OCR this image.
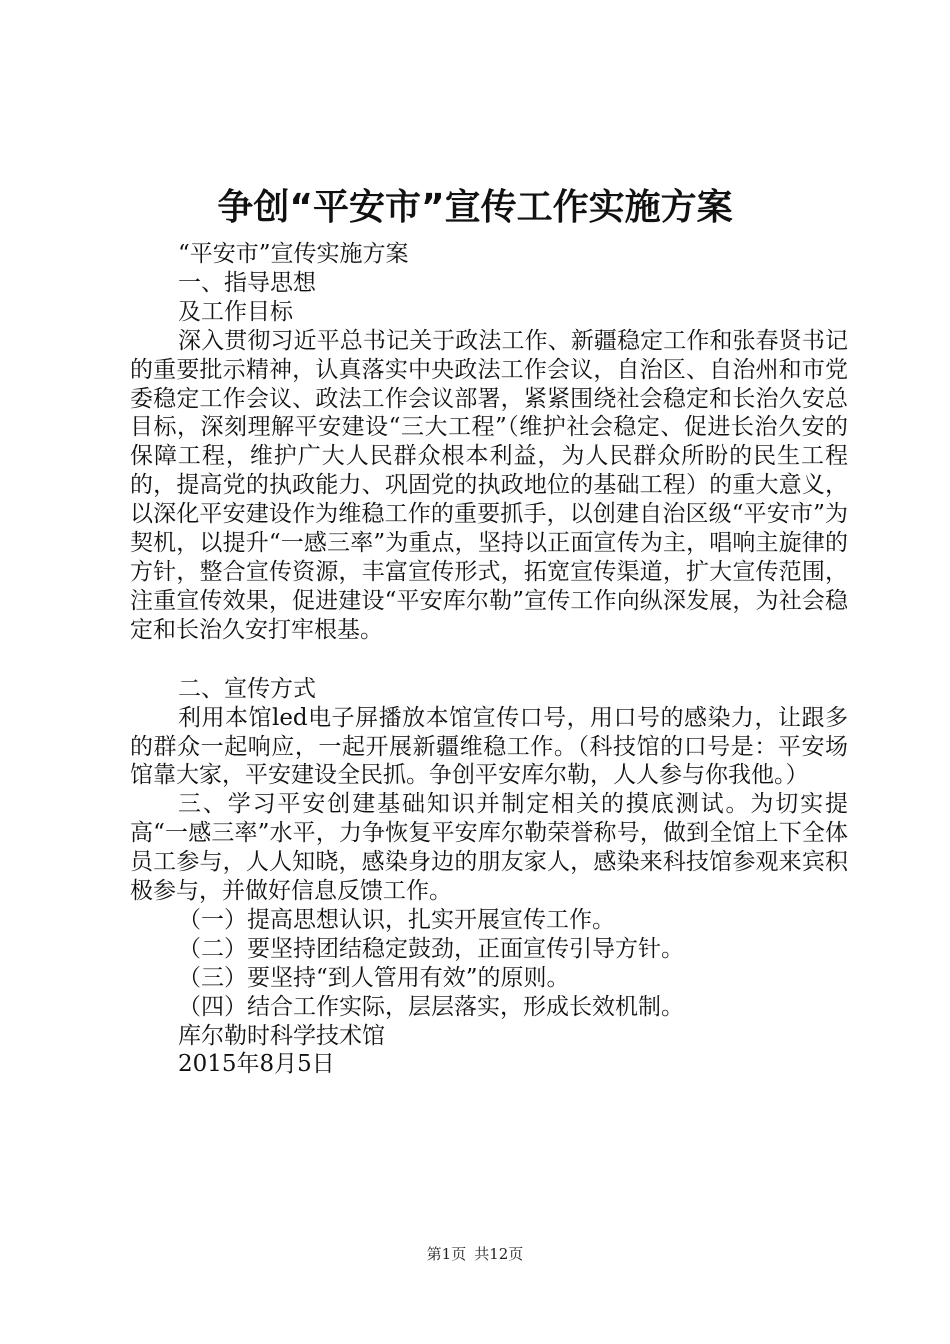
争创“平安市”宣传工作实施方案

“平安市”宣传实施方案

一、指导思想

及工作目标

深入贯彻习近平总书记关于政法工作、新疆稳定工作和张春贤书记的重要批示精神，认真落实中央政法工作会议，自治区、自治州和市党委稳定工作会议、政法工作会议部署，紧紧围绕社会稳定和长治久安总目标，深刻理解平安建设“三大工程”（维护社会稳定、促进长治久安的保障工程，维护广大人民群众根本利益，为人民群众所盼的民生工程的，提高党的执政能力、巩固党的执政地位的基础工程）的重大意义，以深化平安建设作为维稳工作的重要抓手，以创建自治区级“平安市”为契机，以提升“一感三率”为重点，坚持以正面宣传为主，唱响主旋律的方针，整合宣传资源，丰富宣传形式，拓宽宣传渠道，扩大宣传范围，注重宣传效果，促进建设“平安库尔勒”宣传工作向纵深发展，为社会稳定和长治久安打牢根基。

二、宣传方式

利用本馆led电子屏播放本馆宣传口号，用口号的感染力，让跟多的群众一起响应，一起开展新疆维稳工作。（科技馆的口号是：平安场馆靠大家，平安建设全民抓。争创平安库尔勒，人人参与你我他。）

三、学习平安创建基础知识并制定相关的摸底测试。为切实提高“一感三率”水平，力争恢复平安库尔勒荣誉称号，做到全馆上下全体员工参与，人人知晓，感染身边的朋友家人，感染来科技馆参观来宾积极参与，并做好信息反馈工作。

（一）提高思想认识，扎实开展宣传工作。

（二）要坚持团结稳定鼓劲，正面宣传引导方针。

（三）要坚持“到人管用有效”的原则。

（四）结合工作实际，层层落实，形成长效机制。

库尔勒时科学技术馆

2015年8月5日

第1页 共12页
